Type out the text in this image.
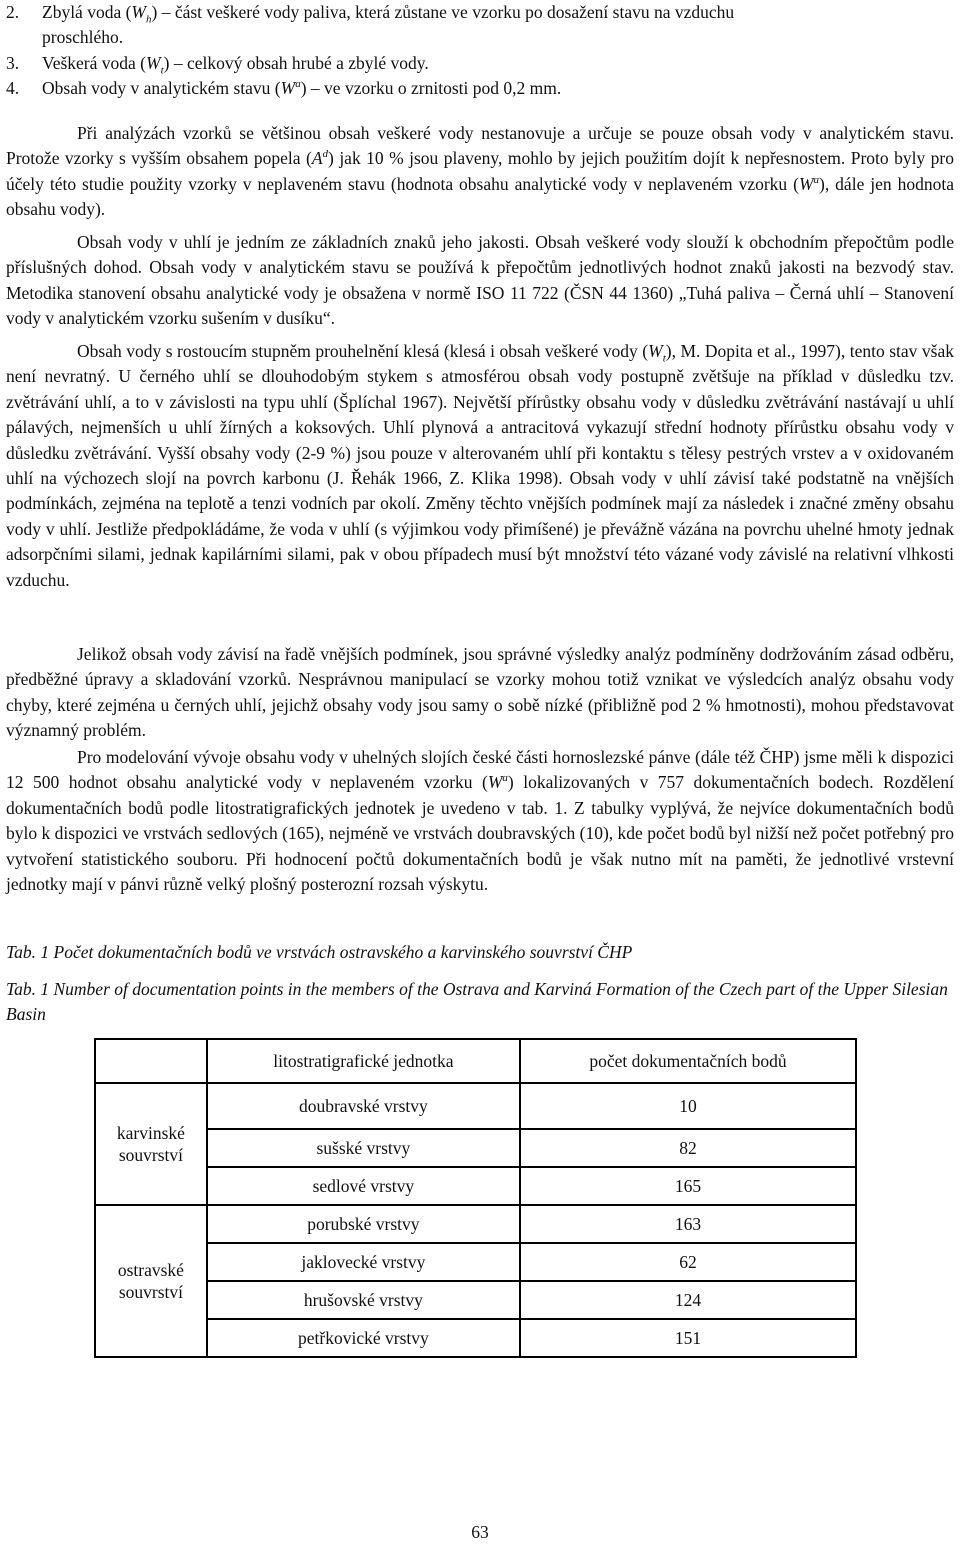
2.	Zbylá voda $(W_h)$ – část veškeré vody paliva, která zůstane ve vzorku po dosažení stavu na vzduchu
proschlého.
3.	Veškerá voda $(W_t)$ – celkový obsah hrubé a zbylé vody.
4.	Obsah vody v analytickém stavu $(W^a)$ – ve vzorku o zrnitosti pod 0,2 mm.
Při analýzách vzorků se většinou obsah veškeré vody nestanovuje a určuje se pouze obsah vody v analytickém stavu. Protože vzorky s vyšším obsahem popela $(A^d)$ jak 10 % jsou plaveny, mohlo by jejich použitím dojít k nepřesnostem. Proto byly pro účely této studie použity vzorky v neplaveném stavu (hodnota obsahu analytické vody v neplaveném vzorku $(W^a)$, dále jen hodnota obsahu vody).
Obsah vody v uhlí je jedním ze základních znaků jeho jakosti. Obsah veškeré vody slouží k obchodním přepočtům podle příslušných dohod. Obsah vody v analytickém stavu se používá k přepočtům jednotlivých hodnot znaků jakosti na bezvodý stav. Metodika stanovení obsahu analytické vody je obsažena v normě ISO 11 722 (ČSN 44 1360) „Tuhá paliva – Černá uhlí – Stanovení vody v analytickém vzorku sušením v dusíku“.
Obsah vody s rostoucím stupněm prouhelnění klesá (klesá i obsah veškeré vody $(W_t)$, M. Dopita et al., 1997), tento stav však není nevratný. U černého uhlí se dlouhodobým stykem s atmosférou obsah vody postupně zvětšuje na příklad v důsledku tzv. zvětrávání uhlí, a to v závislosti na typu uhlí (Šplíchal 1967). Největší přírůstky obsahu vody v důsledku zvětrávání nastávají u uhlí pálavých, nejmenších u uhlí žírných a koksových. Uhlí plynová a antracitová vykazují střední hodnoty přírůstku obsahu vody v důsledku zvětrávání. Vyšší obsahy vody (2-9 %) jsou pouze v alterovaném uhlí při kontaktu s tělesy pestrých vrstev a v oxidovaném uhlí na výchozech slojí na povrch karbonu (J. Řehák 1966, Z. Klika 1998). Obsah vody v uhlí závisí také podstatně na vnějších podmínkách, zejména na teplotě a tenzi vodních par okolí. Změny těchto vnějších podmínek mají za následek i značné změny obsahu vody v uhlí. Jestliže předpokládáme, že voda v uhlí (s výjimkou vody přimíšené) je převážně vázána na povrchu uhelné hmoty jednak adsorpčními silami, jednak kapilárními silami, pak v obou případech musí být množství této vázané vody závislé na relativní vlhkosti vzduchu.
Jelikož obsah vody závisí na řadě vnějších podmínek, jsou správné výsledky analýz podmíněny dodržováním zásad odběru, předběžné úpravy a skladování vzorků. Nesprávnou manipulací se vzorky mohou totiž vznikat ve výsledcích analýz obsahu vody chyby, které zejména u černých uhlí, jejichž obsahy vody jsou samy o sobě nízké (přibližně pod 2 % hmotnosti), mohou představovat významný problém.
Pro modelování vývoje obsahu vody v uhelných slojích české části hornoslezské pánve (dále též ČHP) jsme měli k dispozici 12 500 hodnot obsahu analytické vody v neplaveném vzorku $(W^a)$ lokalizovaných v 757 dokumentačních bodech. Rozdělení dokumentačních bodů podle litostratigrafických jednotek je uvedeno v tab. 1. Z tabulky vyplývá, že nejvíce dokumentačních bodů bylo k dispozici ve vrstvách sedlových (165), nejméně ve vrstvách doubravských (10), kde počet bodů byl nižší než počet potřebný pro vytvoření statistického souboru. Při hodnocení počtů dokumentačních bodů je však nutno mít na paměti, že jednotlivé vrstevní jednotky mají v pánvi různě velký plošný posterozní rozsah výskytu.
Tab. 1 Počet dokumentačních bodů ve vrstvách ostravského a karvinského souvrství ČHP
Tab. 1 Number of documentation points in the members of the Ostrava and Karviná Formation of the Czech part of the Upper Silesian Basin
	litostratigrafické jednotka	počet dokumentačních bodů
karvinské
souvrství	doubravské vrstvy	10
	sušské vrstvy	82
	sedlové vrstvy	165
ostravské
souvrství	porubské vrstvy	163
	jaklovecké vrstvy	62
	hrušovské vrstvy	124
	petřkovické vrstvy	151
63
